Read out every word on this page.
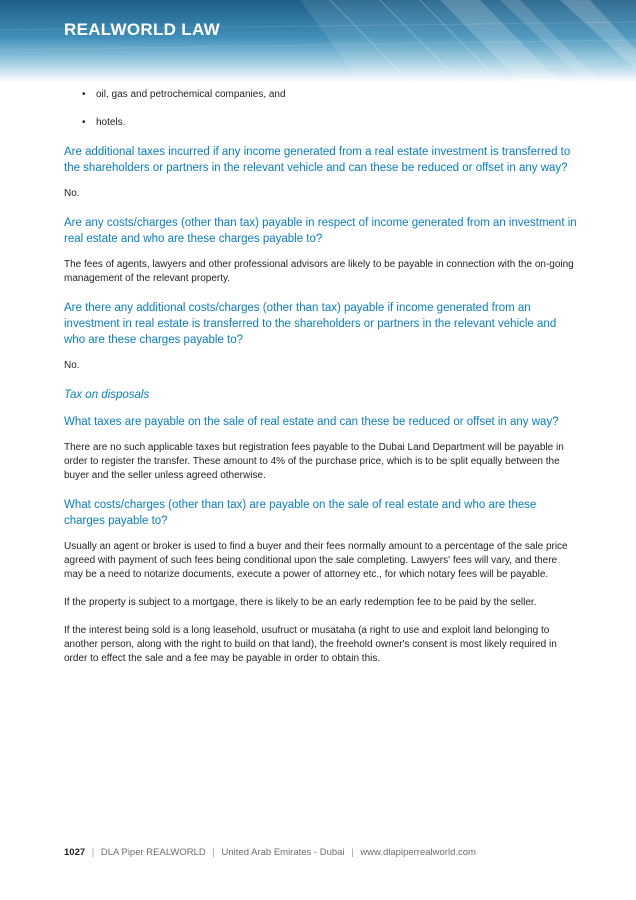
REALWORLD LAW
• oil, gas and petrochemical companies, and
• hotels.

Are additional taxes incurred if any income generated from a real estate investment is transferred to the shareholders or partners in the relevant vehicle and can these be reduced or offset in any way?

No.

Are any costs/charges (other than tax) payable in respect of income generated from an investment in real estate and who are these charges payable to?

The fees of agents, lawyers and other professional advisors are likely to be payable in connection with the on-going management of the relevant property.

Are there any additional costs/charges (other than tax) payable if income generated from an investment in real estate is transferred to the shareholders or partners in the relevant vehicle and who are these charges payable to?

No.

Tax on disposals

What taxes are payable on the sale of real estate and can these be reduced or offset in any way?

There are no such applicable taxes but registration fees payable to the Dubai Land Department will be payable in order to register the transfer. These amount to 4% of the purchase price, which is to be split equally between the buyer and the seller unless agreed otherwise.

What costs/charges (other than tax) are payable on the sale of real estate and who are these charges payable to?

Usually an agent or broker is used to find a buyer and their fees normally amount to a percentage of the sale price agreed with payment of such fees being conditional upon the sale completing. Lawyers' fees will vary, and there may be a need to notarize documents, execute a power of attorney etc., for which notary fees will be payable.

If the property is subject to a mortgage, there is likely to be an early redemption fee to be paid by the seller.

If the interest being sold is a long leasehold, usufruct or musataha (a right to use and exploit land belonging to another person, along with the right to build on that land), the freehold owner's consent is most likely required in order to effect the sale and a fee may be payable in order to obtain this.

1027 | DLA Piper REALWORLD | United Arab Emirates - Dubai | www.dlapiperrealworld.com
